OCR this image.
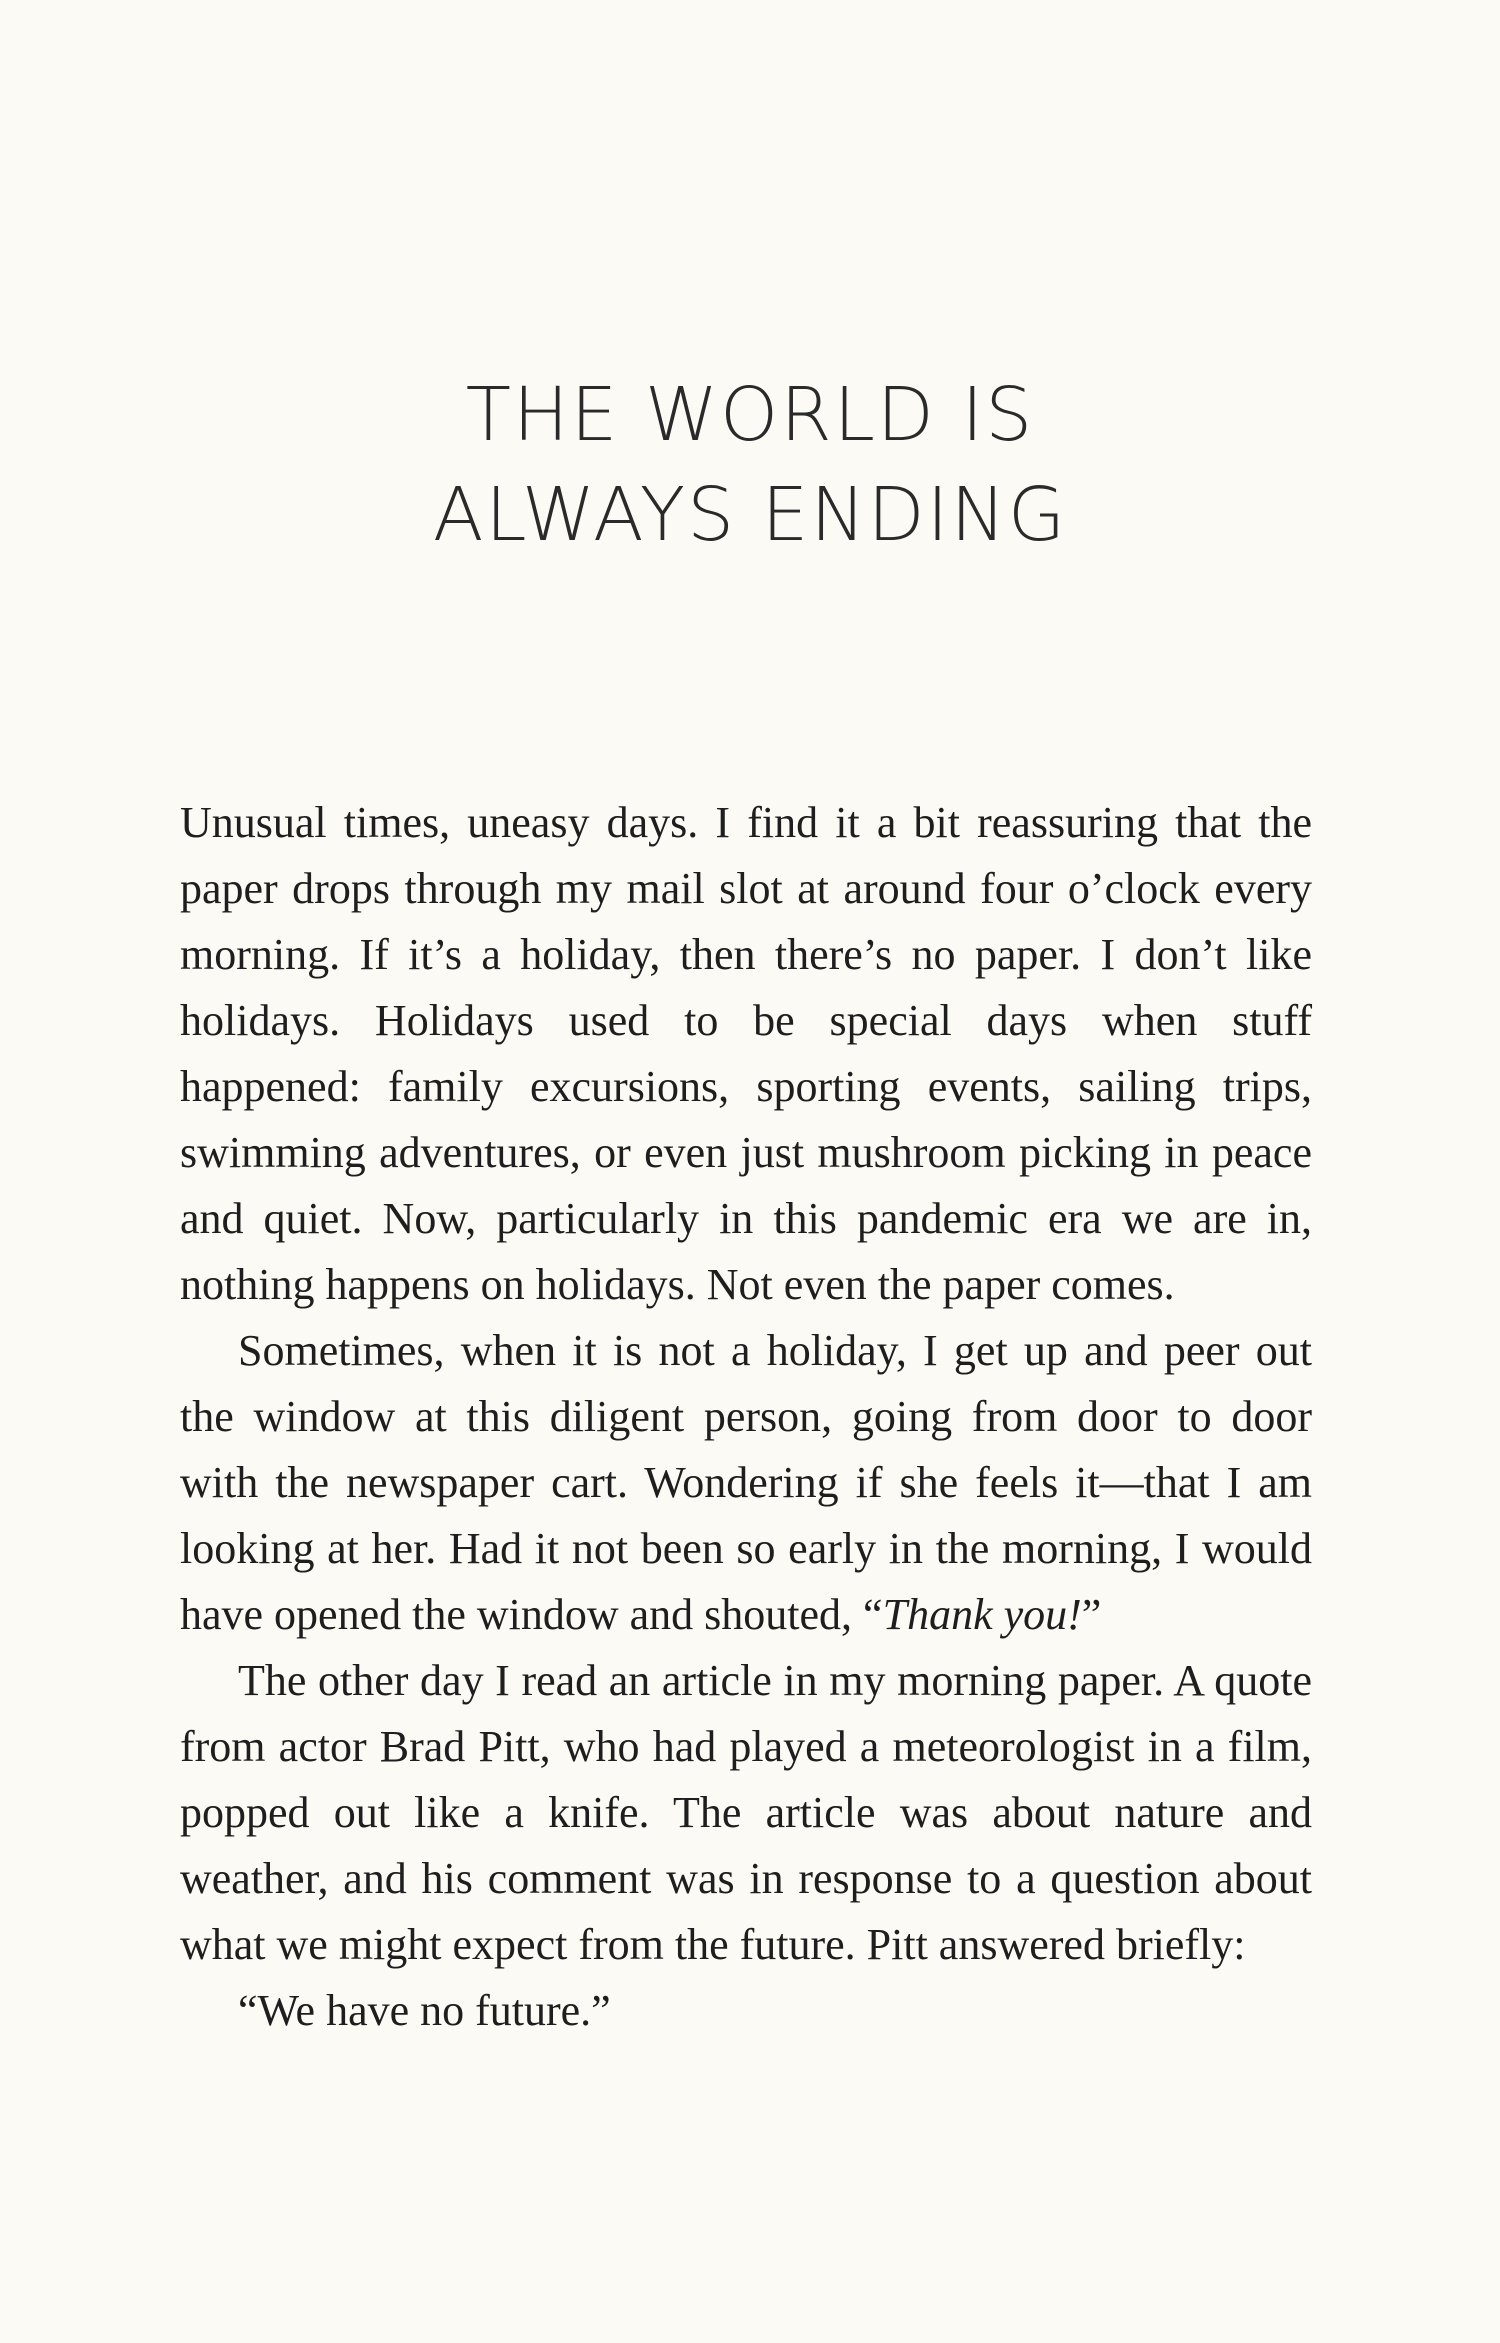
THE WORLD IS
ALWAYS ENDING

Unusual times, uneasy days. I find it a bit reassuring that the paper drops through my mail slot at around four o’clock every morning. If it’s a holiday, then there’s no paper. I don’t like holidays. Holidays used to be special days when stuff happened: family excursions, sporting events, sailing trips, swimming adventures, or even just mushroom picking in peace and quiet. Now, particularly in this pandemic era we are in, nothing happens on holidays. Not even the paper comes.

Sometimes, when it is not a holiday, I get up and peer out the window at this diligent person, going from door to door with the newspaper cart. Wondering if she feels it—that I am looking at her. Had it not been so early in the morning, I would have opened the window and shouted, “Thank you!”

The other day I read an article in my morning paper. A quote from actor Brad Pitt, who had played a meteorologist in a film, popped out like a knife. The article was about nature and weather, and his comment was in response to a question about what we might expect from the future. Pitt answered briefly:

“We have no future.”
